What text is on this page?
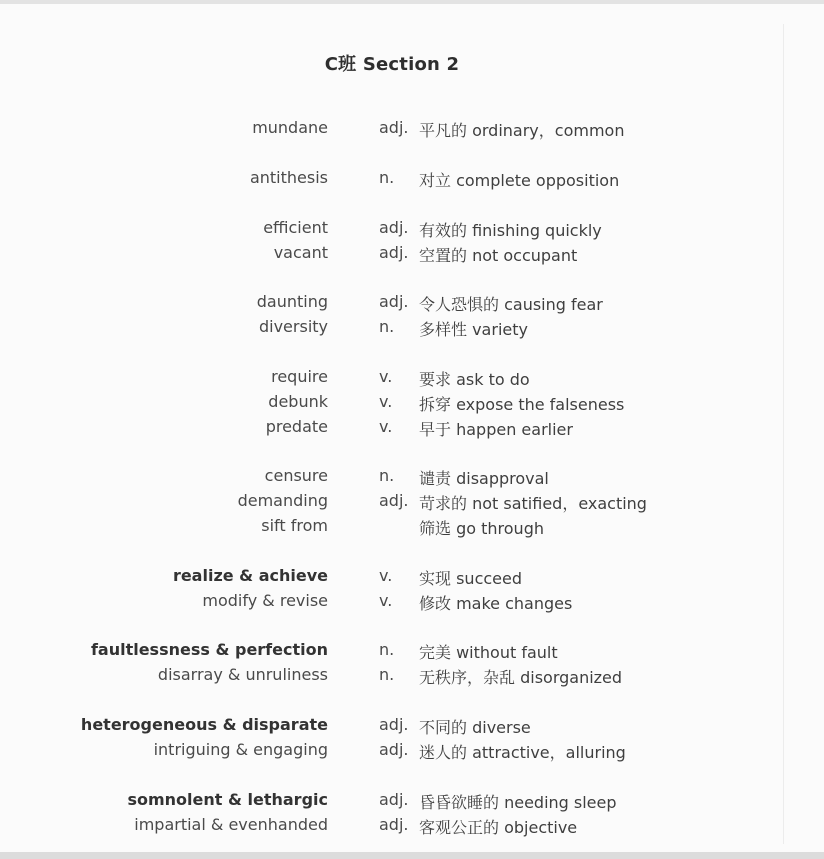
C班 Section 2
mundane	adj. 平凡的 ordinary，common
antithesis	n. 对立 complete opposition
efficient	adj. 有效的 finishing quickly
vacant	adj. 空置的 not occupant
daunting	adj. 令人恐惧的 causing fear
diversity	n. 多样性 variety
require	v. 要求 ask to do
debunk	v. 拆穿 expose the falseness
predate	v. 早于 happen earlier
censure	n. 谴责 disapproval
demanding	adj. 苛求的 not satified，exacting
sift from	筛选 go through
realize & achieve	v. 实现 succeed
modify & revise	v. 修改 make changes
faultlessness & perfection	n. 完美 without fault
disarray & unruliness	n. 无秩序，杂乱 disorganized
heterogeneous & disparate	adj. 不同的 diverse
intriguing & engaging	adj. 迷人的 attractive，alluring
somnolent & lethargic	adj. 昏昏欲睡的 needing sleep
impartial & evenhanded	adj. 客观公正的 objective
